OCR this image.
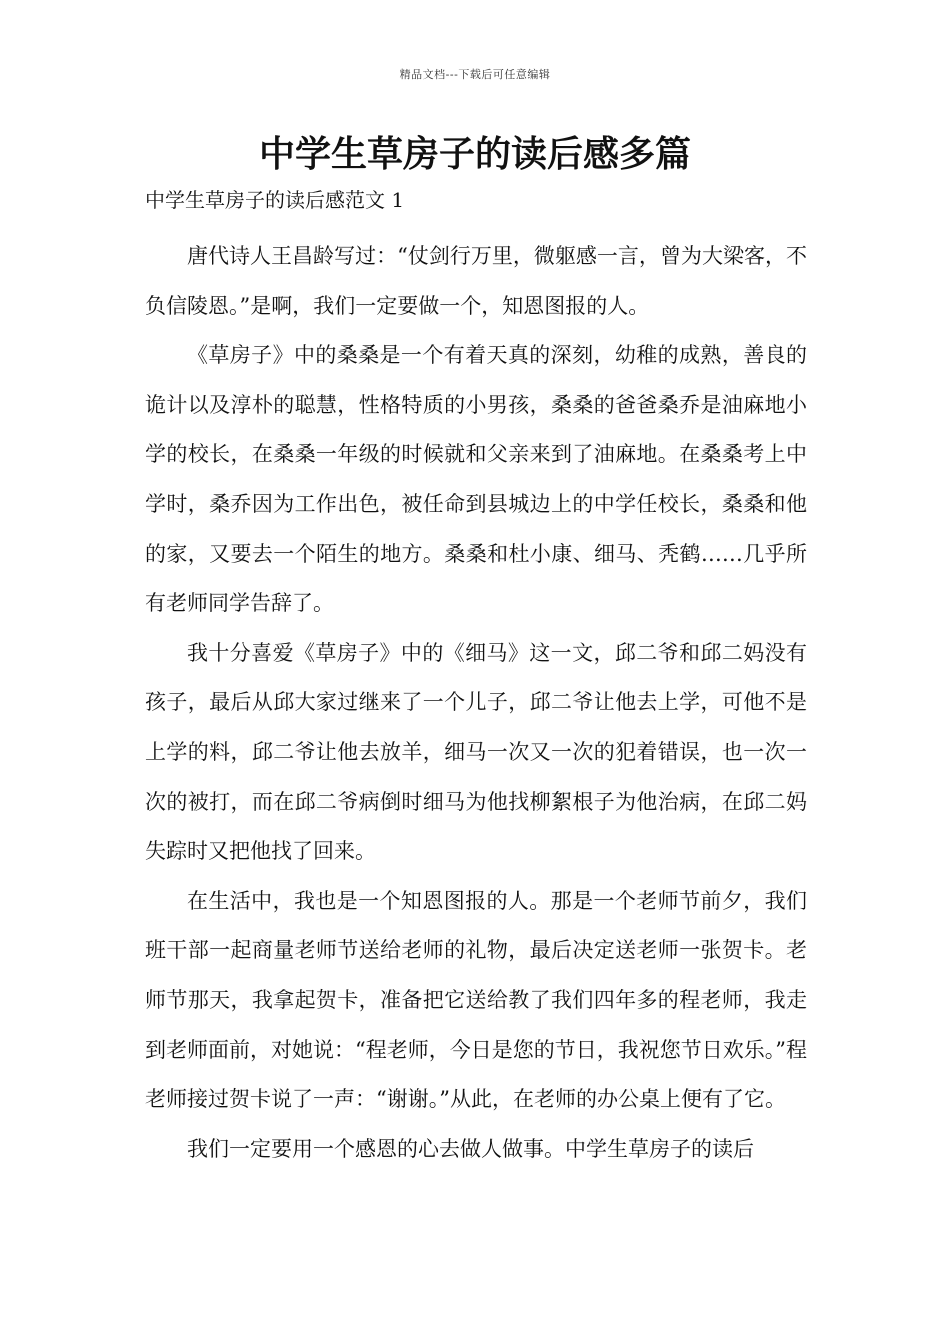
精品文档---下载后可任意编辑
中学生草房子的读后感多篇

中学生草房子的读后感范文 1

唐代诗人王昌龄写过：“仗剑行万里，微躯感一言，曾为大梁客，不负信陵恩。”是啊，我们一定要做一个，知恩图报的人。

《草房子》中的桑桑是一个有着天真的深刻，幼稚的成熟，善良的诡计以及淳朴的聪慧，性格特质的小男孩，桑桑的爸爸桑乔是油麻地小学的校长，在桑桑一年级的时候就和父亲来到了油麻地。在桑桑考上中学时，桑乔因为工作出色，被任命到县城边上的中学任校长，桑桑和他的家，又要去一个陌生的地方。桑桑和杜小康、细马、秃鹤……几乎所有老师同学告辞了。

我十分喜爱《草房子》中的《细马》这一文，邱二爷和邱二妈没有孩子，最后从邱大家过继来了一个儿子，邱二爷让他去上学，可他不是上学的料，邱二爷让他去放羊，细马一次又一次的犯着错误，也一次一次的被打，而在邱二爷病倒时细马为他找柳絮根子为他治病，在邱二妈失踪时又把他找了回来。

在生活中，我也是一个知恩图报的人。那是一个老师节前夕，我们班干部一起商量老师节送给老师的礼物，最后决定送老师一张贺卡。老师节那天，我拿起贺卡，准备把它送给教了我们四年多的程老师，我走到老师面前，对她说：“程老师，今日是您的节日，我祝您节日欢乐。”程老师接过贺卡说了一声：“谢谢。”从此，在老师的办公桌上便有了它。

我们一定要用一个感恩的心去做人做事。中学生草房子的读后
